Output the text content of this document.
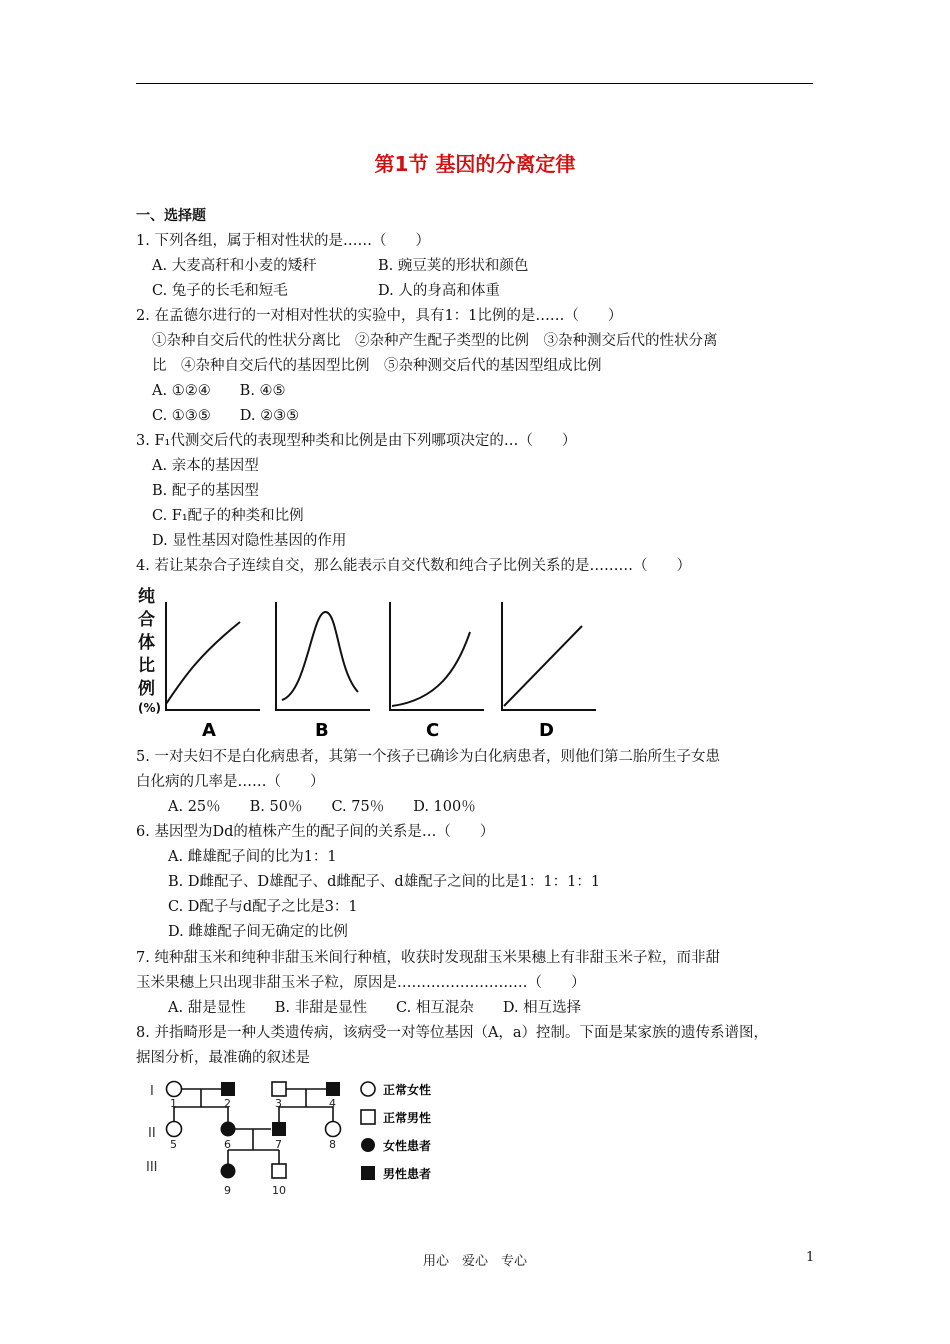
第1节 基因的分离定律
一、选择题
1. 下列各组，属于相对性状的是……（　　）
A. 大麦高秆和小麦的矮秆	B. 豌豆荚的形状和颜色
C. 兔子的长毛和短毛	D. 人的身高和体重
2. 在孟德尔进行的一对相对性状的实验中，具有1：1比例的是……（　　）
①杂种自交后代的性状分离比　②杂种产生配子类型的比例　③杂种测交后代的性状分离
比　④杂种自交后代的基因型比例　⑤杂种测交后代的基因型组成比例
A. ①②④　　B. ④⑤
C. ①③⑤　　D. ②③⑤
3. F₁代测交后代的表现型种类和比例是由下列哪项决定的…（　　）
A. 亲本的基因型
B. 配子的基因型
C. F₁配子的种类和比例
D. 显性基因对隐性基因的作用
4. 若让某杂合子连续自交，那么能表示自交代数和纯合子比例关系的是………（　　）
纯
合
体
比
例
(%)
A	B	C	D
5. 一对夫妇不是白化病患者，其第一个孩子已确诊为白化病患者，则他们第二胎所生子女患
白化病的几率是……（　　）
A. 25％　　B. 50％　　C. 75％　　D. 100％
6. 基因型为Dd的植株产生的配子间的关系是…（　　）
A. 雌雄配子间的比为1：1
B. D雌配子、D雄配子、d雌配子、d雄配子之间的比是1：1：1：1
C. D配子与d配子之比是3：1
D. 雌雄配子间无确定的比例
7. 纯种甜玉米和纯种非甜玉米间行种植，收获时发现甜玉米果穗上有非甜玉米子粒，而非甜
玉米果穗上只出现非甜玉米子粒，原因是………………………（　　）
A. 甜是显性　　B. 非甜是显性　　C. 相互混杂　　D. 相互选择
8. 并指畸形是一种人类遗传病，该病受一对等位基因（A，a）控制。下面是某家族的遗传系谱图，
据图分析，最准确的叙述是
I
II
III
1	2	3	4
5	6	7	8
9	10
正常女性
正常男性
女性患者
男性患者
用心　爱心　专心	1
